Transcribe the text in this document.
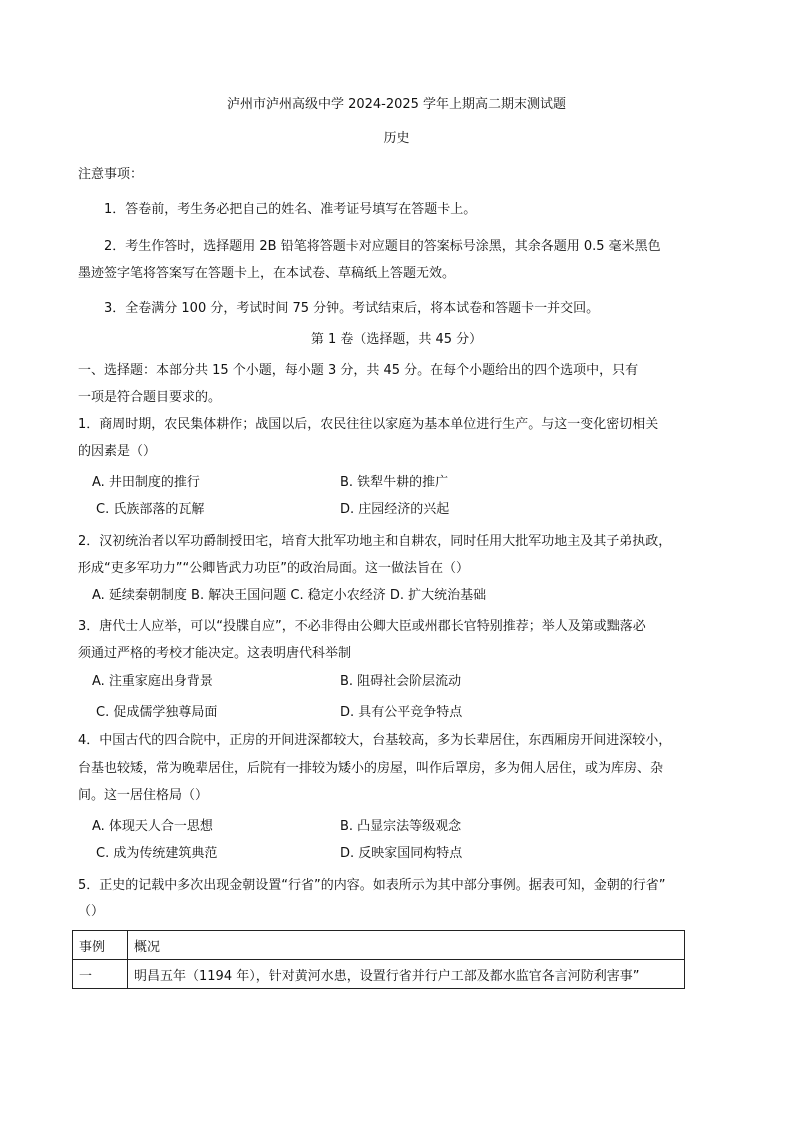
泸州市泸州高级中学 2024-2025 学年上期高二期末测试题
历史
注意事项：
1．答卷前，考生务必把自己的姓名、准考证号填写在答题卡上。
2．考生作答时，选择题用 2B 铅笔将答题卡对应题目的答案标号涂黑，其余各题用 0.5 毫米黑色
墨迹签字笔将答案写在答题卡上，在本试卷、草稿纸上答题无效。
3．全卷满分 100 分，考试时间 75 分钟。考试结束后，将本试卷和答题卡一并交回。
第 1 卷（选择题，共 45 分）
一、选择题：本部分共 15 个小题，每小题 3 分，共 45 分。在每个小题给出的四个选项中，只有
一项是符合题目要求的。
1．商周时期，农民集体耕作；战国以后，农民往往以家庭为基本单位进行生产。与这一变化密切相关
的因素是（）
A. 井田制度的推行	B. 铁犁牛耕的推广
C. 氏族部落的瓦解	D. 庄园经济的兴起
2．汉初统治者以军功爵制授田宅，培育大批军功地主和自耕农，同时任用大批军功地主及其子弟执政，
形成“吏多军功力”“公卿皆武力功臣”的政治局面。这一做法旨在（）
A. 延续秦朝制度 B. 解决王国问题 C. 稳定小农经济 D. 扩大统治基础
3．唐代士人应举，可以“投牒自应”，不必非得由公卿大臣或州郡长官特别推荐；举人及第或黜落必
须通过严格的考校才能决定。这表明唐代科举制
A. 注重家庭出身背景	B. 阻碍社会阶层流动
C. 促成儒学独尊局面	D. 具有公平竞争特点
4．中国古代的四合院中，正房的开间进深都较大，台基较高，多为长辈居住，东西厢房开间进深较小，
台基也较矮，常为晚辈居住，后院有一排较为矮小的房屋，叫作后罩房，多为佣人居住，或为库房、杂
间。这一居住格局（）
A. 体现天人合一思想	B. 凸显宗法等级观念
C. 成为传统建筑典范	D. 反映家国同构特点
5．正史的记载中多次出现金朝设置“行省”的内容。如表所示为其中部分事例。据表可知，金朝的行省”
（）
事例	概况
一	明昌五年（1194 年），针对黄河水患，设置行省并行户工部及都水监官各言河防利害事”
